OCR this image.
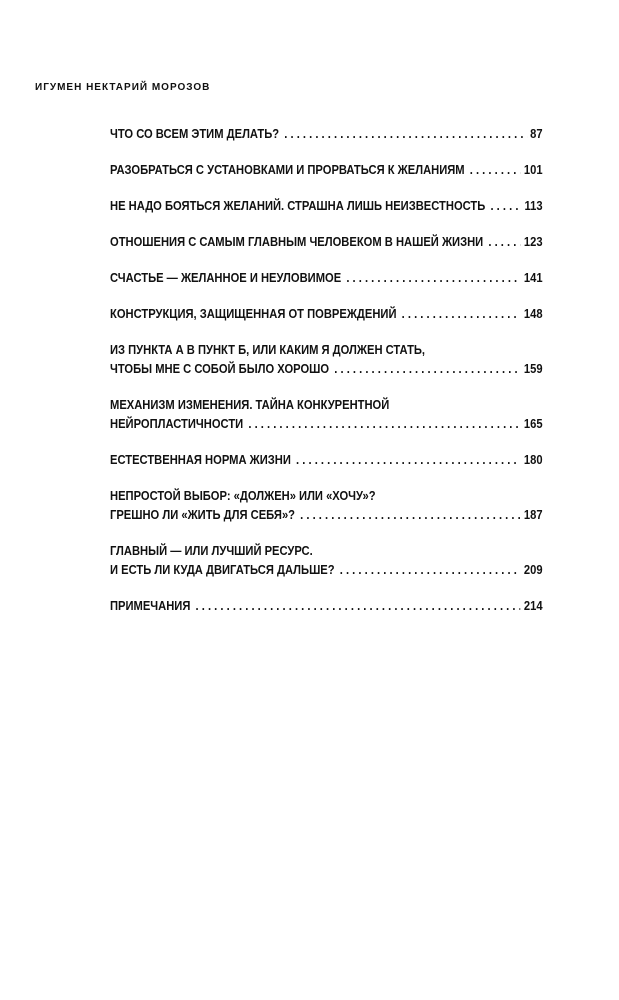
ИГУМЕН НЕКТАРИЙ МОРОЗОВ
ЧТО СО ВСЕМ ЭТИМ ДЕЛАТЬ? . . .	87
РАЗОБРАТЬСЯ С УСТАНОВКАМИ И ПРОРВАТЬСЯ К ЖЕЛАНИЯМ . . .	101
НЕ НАДО БОЯТЬСЯ ЖЕЛАНИЙ. СТРАШНА ЛИШЬ НЕИЗВЕСТНОСТЬ . . .	113
ОТНОШЕНИЯ С САМЫМ ГЛАВНЫМ ЧЕЛОВЕКОМ В НАШЕЙ ЖИЗНИ . . .	123
СЧАСТЬЕ — ЖЕЛАННОЕ И НЕУЛОВИМОЕ . . .	141
КОНСТРУКЦИЯ, ЗАЩИЩЕННАЯ ОТ ПОВРЕЖДЕНИЙ . . .	148
ИЗ ПУНКТА А В ПУНКТ Б, ИЛИ КАКИМ Я ДОЛЖЕН СТАТЬ,
ЧТОБЫ МНЕ С СОБОЙ БЫЛО ХОРОШО . . .	159
МЕХАНИЗМ ИЗМЕНЕНИЯ. ТАЙНА КОНКУРЕНТНОЙ
НЕЙРОПЛАСТИЧНОСТИ . . .	165
ЕСТЕСТВЕННАЯ НОРМА ЖИЗНИ . . .	180
НЕПРОСТОЙ ВЫБОР: «ДОЛЖЕН» ИЛИ «ХОЧУ»?
ГРЕШНО ЛИ «ЖИТЬ ДЛЯ СЕБЯ»? . . .	187
ГЛАВНЫЙ — ИЛИ ЛУЧШИЙ РЕСУРС.
И ЕСТЬ ЛИ КУДА ДВИГАТЬСЯ ДАЛЬШЕ? . . .	209
ПРИМЕЧАНИЯ . . .	214
